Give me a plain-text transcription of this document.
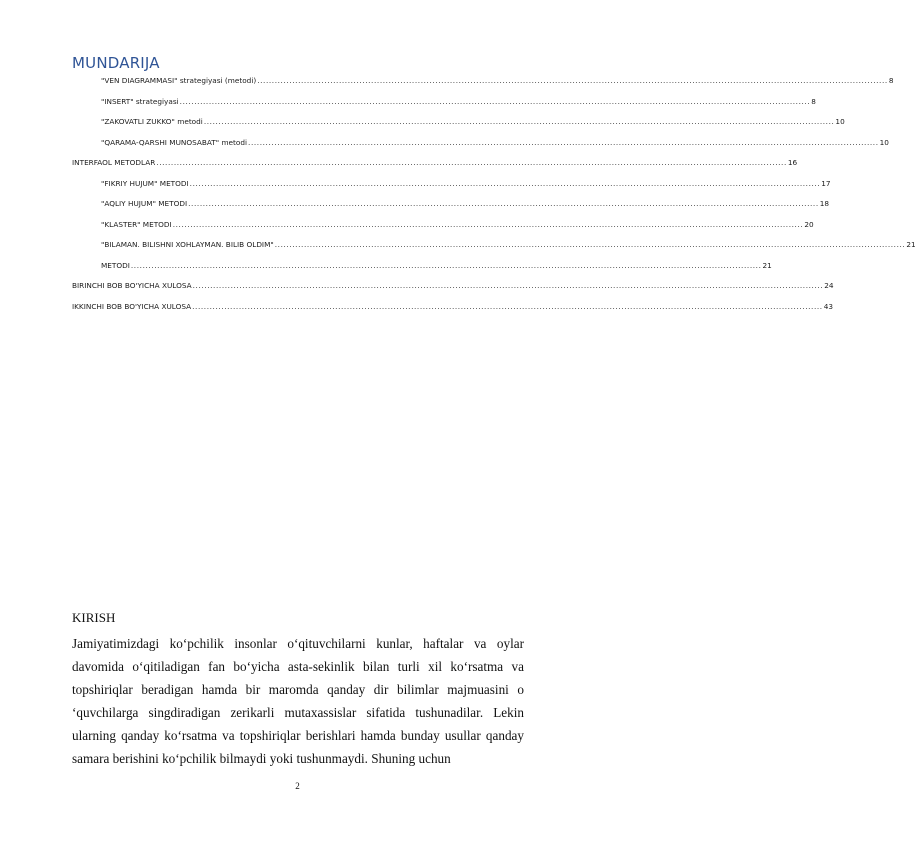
MUNDARIJA
"VEN DIAGRAMMASI" strategiyasi (metodi) .....	8
"INSERT" strategiyasi .....	8
"ZAKOVATLI ZUKKO" metodi .....	10
"QARAMA-QARSHI MUNOSABAT" metodi .....	10
INTERFAOL METODLAR .....	16
"FIKRIY HUJUM" METODI .....	17
"AQLIY HUJUM" METODI .....	18
"KLASTER" METODI .....	20
"BILAMAN. BILISHNI XOHLAYMAN. BILIB OLDIM" .....	21
METODI .....	21
BIRINCHI BOB BO'YICHA XULOSA .....	24
IKKINCHI BOB BO'YICHA XULOSA .....	43
KIRISH

Jamiyatimizdagi ko‘pchilik insonlar o‘qituvchilarni kunlar, haftalar va oylar davomida o‘qitiladigan fan bo‘yicha asta-sekinlik bilan turli xil ko‘rsatma va topshiriqlar beradigan hamda bir maromda qanday dir bilimlar majmuasini o ‘quvchilarga singdiradigan zerikarli mutaxassislar sifatida tushunadilar. Lekin ularning qanday ko‘rsatma va topshiriqlar berishlari hamda bunday usullar qanday samara berishini ko‘pchilik bilmaydi yoki tushunmaydi. Shuning uchun

2
